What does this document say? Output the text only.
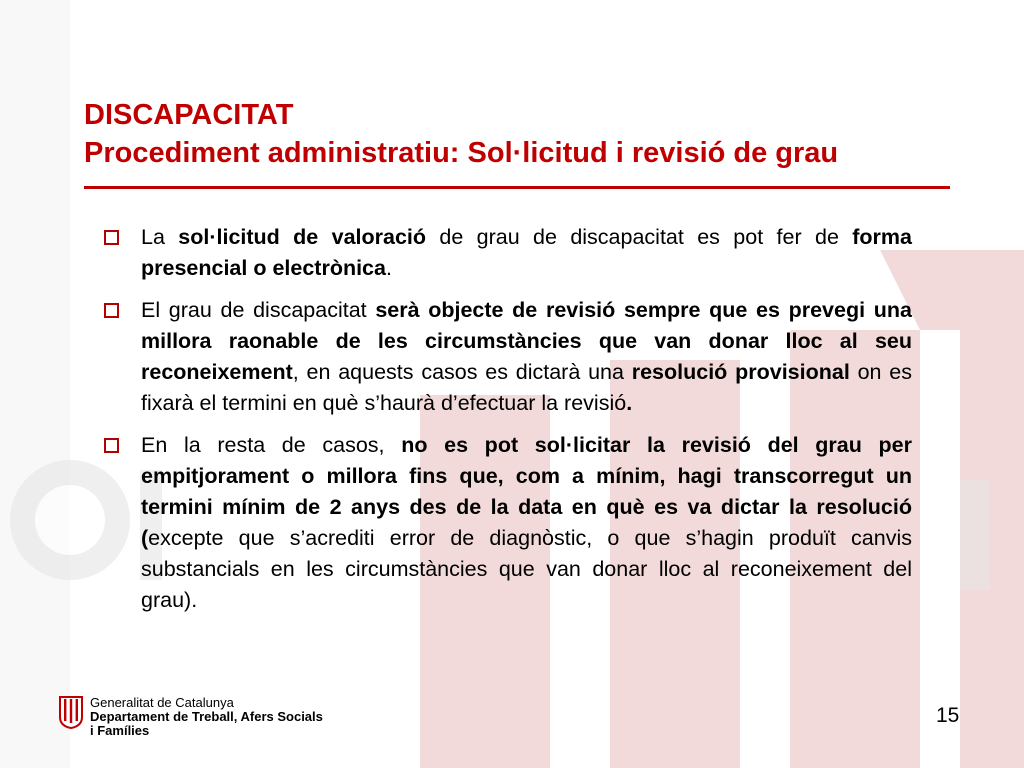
DISCAPACITAT
Procediment administratiu: Sol·licitud i revisió de grau
La sol·licitud de valoració de grau de discapacitat es pot fer de forma presencial o electrònica.
El grau de discapacitat serà objecte de revisió sempre que es prevegi una millora raonable de les circumstàncies que van donar lloc al seu reconeixement, en aquests casos es dictarà una resolució provisional on es fixarà el termini en què s’haurà d’efectuar la revisió.
En la resta de casos, no es pot sol·licitar la revisió del grau per empitjorament o millora fins que, com a mínim, hagi transcorregut un termini mínim de 2 anys des de la data en què es va dictar la resolució (excepte que s’acrediti error de diagnòstic, o que s’hagin produït canvis substancials en les circumstàncies que van donar lloc al reconeixement del grau).
Generalitat de Catalunya
Departament de Treball, Afers Socials
i Famílies
15
